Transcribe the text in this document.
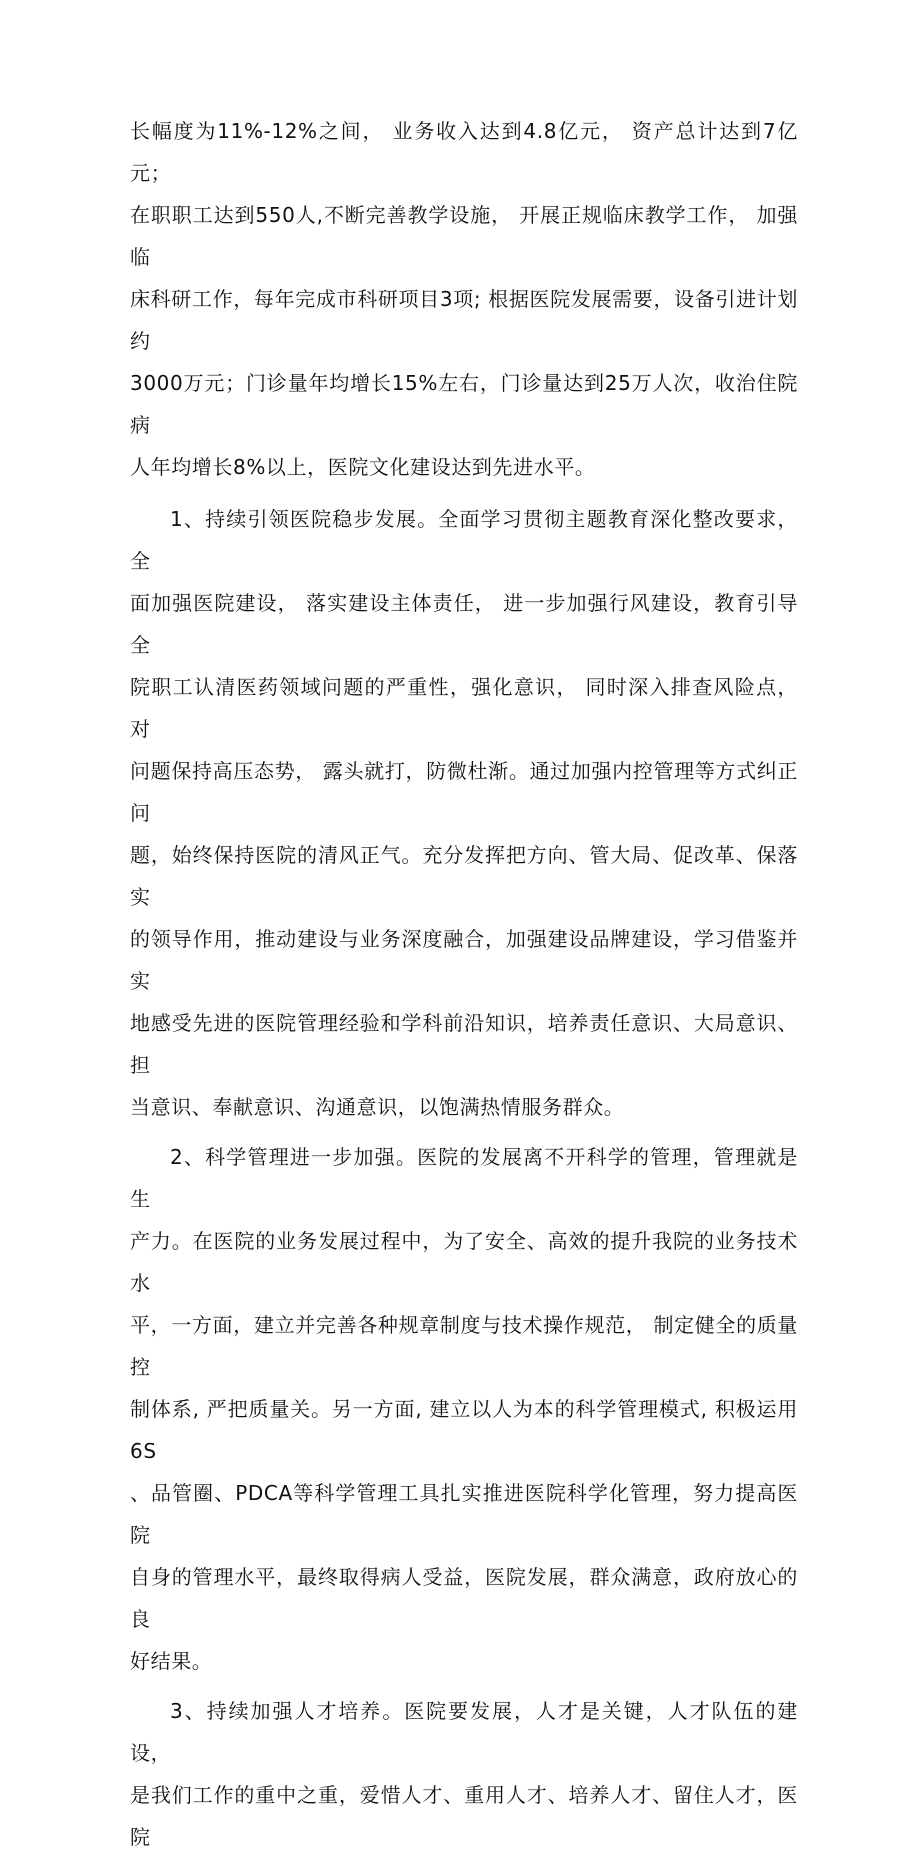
长幅度为11%-12%之间， 业务收入达到4.8亿元， 资产总计达到7亿元；
在职职工达到550人,不断完善教学设施， 开展正规临床教学工作， 加强临
床科研工作，每年完成市科研项目3项; 根据医院发展需要，设备引进计划约
3000万元；门诊量年均增长15%左右，门诊量达到25万人次，收治住院病
人年均增长8%以上，医院文化建设达到先进水平。

1、持续引领医院稳步发展。全面学习贯彻主题教育深化整改要求， 全
面加强医院建设， 落实建设主体责任， 进一步加强行风建设，教育引导全
院职工认清医药领域问题的严重性，强化意识， 同时深入排查风险点， 对
问题保持高压态势， 露头就打，防微杜渐。通过加强内控管理等方式纠正问
题，始终保持医院的清风正气。充分发挥把方向、管大局、促改革、保落实
的领导作用，推动建设与业务深度融合，加强建设品牌建设，学习借鉴并实
地感受先进的医院管理经验和学科前沿知识，培养责任意识、大局意识、担
当意识、奉献意识、沟通意识，以饱满热情服务群众。

2、科学管理进一步加强。医院的发展离不开科学的管理，管理就是生
产力。在医院的业务发展过程中，为了安全、高效的提升我院的业务技术水
平，一方面，建立并完善各种规章制度与技术操作规范， 制定健全的质量控
制体系, 严把质量关。另一方面, 建立以人为本的科学管理模式, 积极运用6S
、品管圈、PDCA等科学管理工具扎实推进医院科学化管理，努力提高医院
自身的管理水平，最终取得病人受益，医院发展，群众满意，政府放心的良
好结果。

3、持续加强人才培养。医院要发展，人才是关键，人才队伍的建设，
是我们工作的重中之重，爱惜人才、重用人才、培养人才、留住人才，医院
